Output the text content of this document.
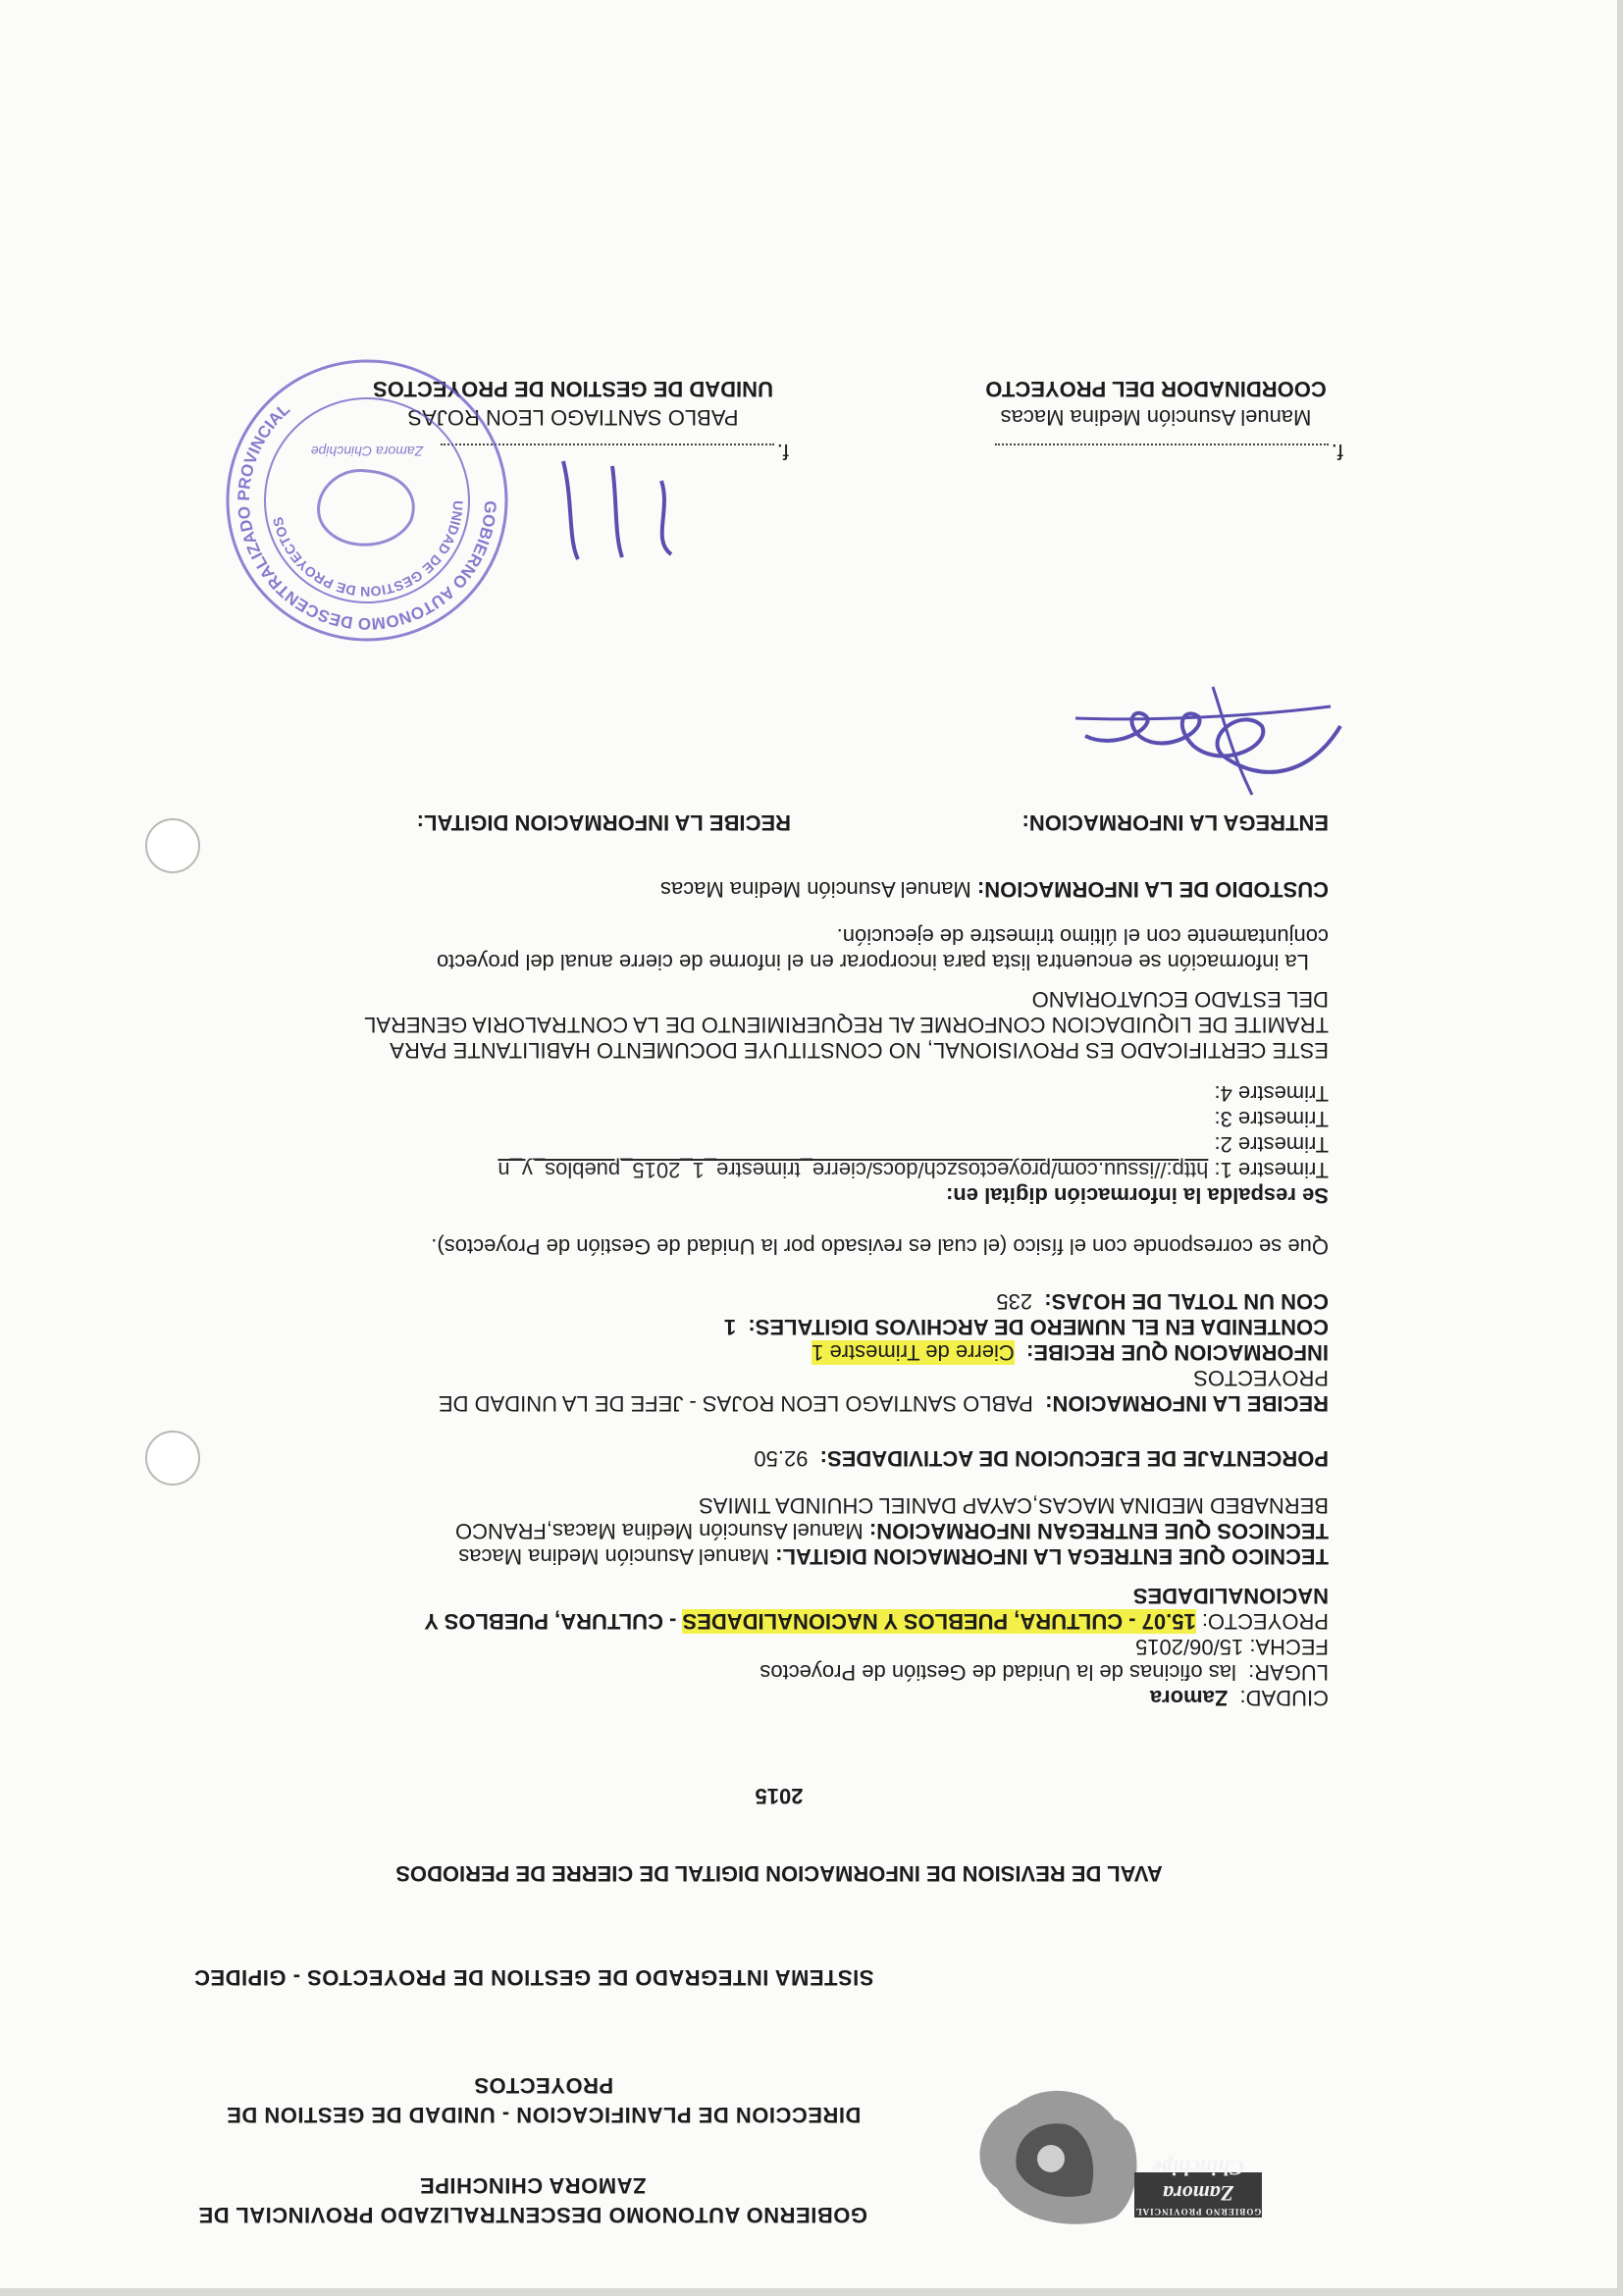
GOBIERNO PROVINCIAL
Zamora Chinchipe
GOBIERNO AUTONOMO DESCENTRALIZADO PROVINCIAL DE
ZAMORA CHINCHIPE
DIRECCION DE PLANIFICACION - UNIDAD DE GESTION DE
PROYECTOS
SISTEMA INTEGRADO DE GESTION DE PROYECTOS - GIPIDEC
AVAL DE REVISION DE INFORMACION DIGITAL DE CIERRE DE PERIODOS
2015
CIUDAD:  Zamora
LUGAR:  las oficinas de la Unidad de Gestión de Proyectos
FECHA: 15/06/2015
PROYECTO: 15.07 - CULTURA, PUEBLOS Y NACIONALIDADES - CULTURA, PUEBLOS Y
NACIONALIDADES
TECNICO QUE ENTREGA LA INFORMACION DIGITAL: Manuel Asunción Medina Macas
TECNICOS QUE ENTREGAN INFORMACION: Manuel Asunción Medina Macas,FRANCO
BERNABED MEDINA MACAS,CAYAP DANIEL CHUINDA TIMIAS
PORCENTAJE DE EJECUCION DE ACTIVIDADES:  92.50
RECIBE LA INFORMACION:  PABLO SANTIAGO LEON ROJAS - JEFE DE LA UNIDAD DE
PROYECTOS
INFORMACION QUE RECIBE:  Cierre de Trimestre 1
CONTENIDA EN EL NUMERO DE ARCHIVOS DIGITALES:  1
CON UN TOTAL DE HOJAS:  235
Que se corresponde con el físico (el cual es revisado por la Unidad de Gestión de Proyectos).
Se respalda la información digital en:
Trimestre 1: http://issuu.com/proyectoszch/docs/cierre_trimestre_1_2015_pueblos_y_n
Trimestre 2:
Trimestre 3:
Trimestre 4:
ESTE CERTIFICADO ES PROVISIONAL, NO CONSTITUYE DOCUMENTO HABILITANTE PARA
TRAMITE DE LIQUIDACION CONFORME AL REQUERIMIENTO DE LA CONTRALORIA GENERAL
DEL ESTADO ECUATORIANO
La información se encuentra lista para incorporar en el informe de cierre anual del proyecto
conjuntamente con el último trimestre de ejecución.
CUSTODIO DE LA INFORMACION: Manuel Asunción Medina Macas
ENTREGA LA INFORMACION:
RECIBE LA INFORMACION DIGITAL:
f.
f.
Manuel Asunción Medina Macas
COORDINADOR DEL PROYECTO
PABLO SANTIAGO LEON ROJAS
UNIDAD DE GESTION DE PROYECTOS
GOBIERNO AUTONOMO DESCENTRALIZADO PROVINCIAL
UNIDAD DE GESTION DE PROYECTOS
Zamora Chinchipe
